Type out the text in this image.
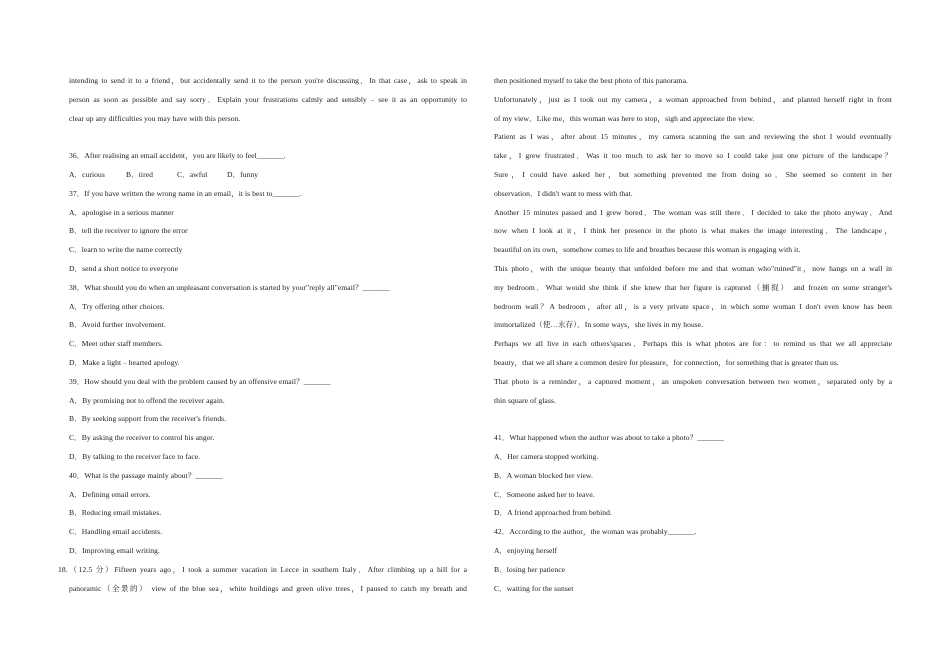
intending to send it to a friend，but accidentally send it to the person you're discussing．In that case，ask to speak in
person as soon as possible and say sorry．Explain your frustrations calmly and sensibly﹣see it as an opportunity to
clear up any difficulties you may have with this person.
36．After realising an email accident，you are likely to feel_______.
A．curious	B．tired	C．awful	D．funny
37．If you have written the wrong name in an email，it is best to_______.
A．apologise in a serious manner
B．tell the receiver to ignore the error
C．learn to write the name correctly
D．send a short notice to everyone
38．What should you do when an unpleasant conversation is started by your"reply all"email？_______
A．Try offering other choices.
B．Avoid further involvement.
C．Meet other staff members.
D．Make a light﹣hearted apology.
39．How should you deal with the problem caused by an offensive email？_______
A．By promising not to offend the receiver again.
B．By seeking support from the receiver's friends.
C．By asking the receiver to control his anger.
D．By talking to the receiver face to face.
40．What is the passage mainly about？_______
A．Defining email errors.
B．Reducing email mistakes.
C．Handling email accidents.
D．Improving email writing.
18.（12.5 分）Fifteen years ago，I took a summer vacation in Lecce in southern Italy．After climbing up a hill for a
panoramic（全景的） view of the blue sea，white buildings and green olive trees，I paused to catch my breath and
then positioned myself to take the best photo of this panorama.
Unfortunately，just as I took out my camera，a woman approached from behind，and planted herself right in front
of my view．Like me，this woman was here to stop，sigh and appreciate the view.
Patient as I was，after about 15 minutes，my camera scanning the sun and reviewing the shot I would eventually
take，I grew frustrated．Was it too much to ask her to move so I could take just one picture of the landscape？
Sure，I could have asked her，but something prevented me from doing so．She seemed so content in her
observation．I didn't want to mess with that.
Another 15 minutes passed and I grew bored．The woman was still there．I decided to take the photo anyway．And
now when I look at it，I think her presence in the photo is what makes the image interesting．The landscape，
beautiful on its own，somehow comes to life and breathes because this woman is engaging with it.
This photo，with the unique beauty that unfolded before me and that woman who"ruined"it，now hangs on a wall in
my bedroom．What would she think if she knew that her figure is captured（捕捉） and frozen on some stranger's
bedroom wall？A bedroom，after all，is a very private space，in which some woman I don't even know has been
immortalized（使…永存）．In some ways，she lives in my house.
Perhaps we all live in each others'spaces．Perhaps this is what photos are for：to remind us that we all appreciate
beauty，that we all share a common desire for pleasure，for connection，for something that is greater than us.
That photo is a reminder，a captured moment，an unspoken conversation between two women，separated only by a
thin square of glass.
41．What happened when the author was about to take a photo？_______
A．Her camera stopped working.
B．A woman blocked her view.
C．Someone asked her to leave.
D．A friend approached from behind.
42．According to the author，the woman was probably_______.
A．enjoying herself
B．losing her patience
C．waiting for the sunset
